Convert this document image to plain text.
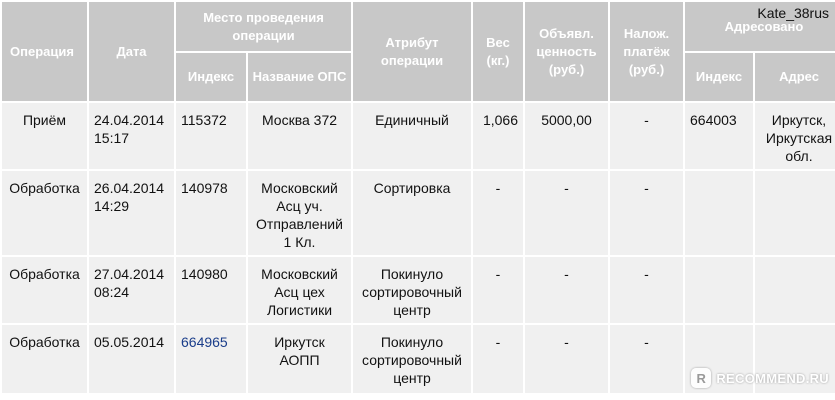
Операция	Дата	Место проведения операции		Атрибут операции	Вес (кг.)	Объявл. ценность (руб.)	Налож. платёж (руб.)	Адресовано	
		Индекс	Название ОПС					Индекс	Адрес
Приём	24.04.2014 15:17	115372	Москва 372	Единичный	1,066	5000,00	-	664003	Иркутск, Иркутская обл.
Обработка	26.04.2014 14:29	140978	Московский Асц уч. Отправлений 1 Кл.	Сортировка	-	-	-		
Обработка	27.04.2014 08:24	140980	Московский Асц цех Логистики	Покинуло сортировочный центр	-	-	-		
Обработка	05.05.2014	664965	Иркутск АОПП	Покинуло сортировочный центр	-	-	-		
Kate_38rus
R RECOMMEND.RU
